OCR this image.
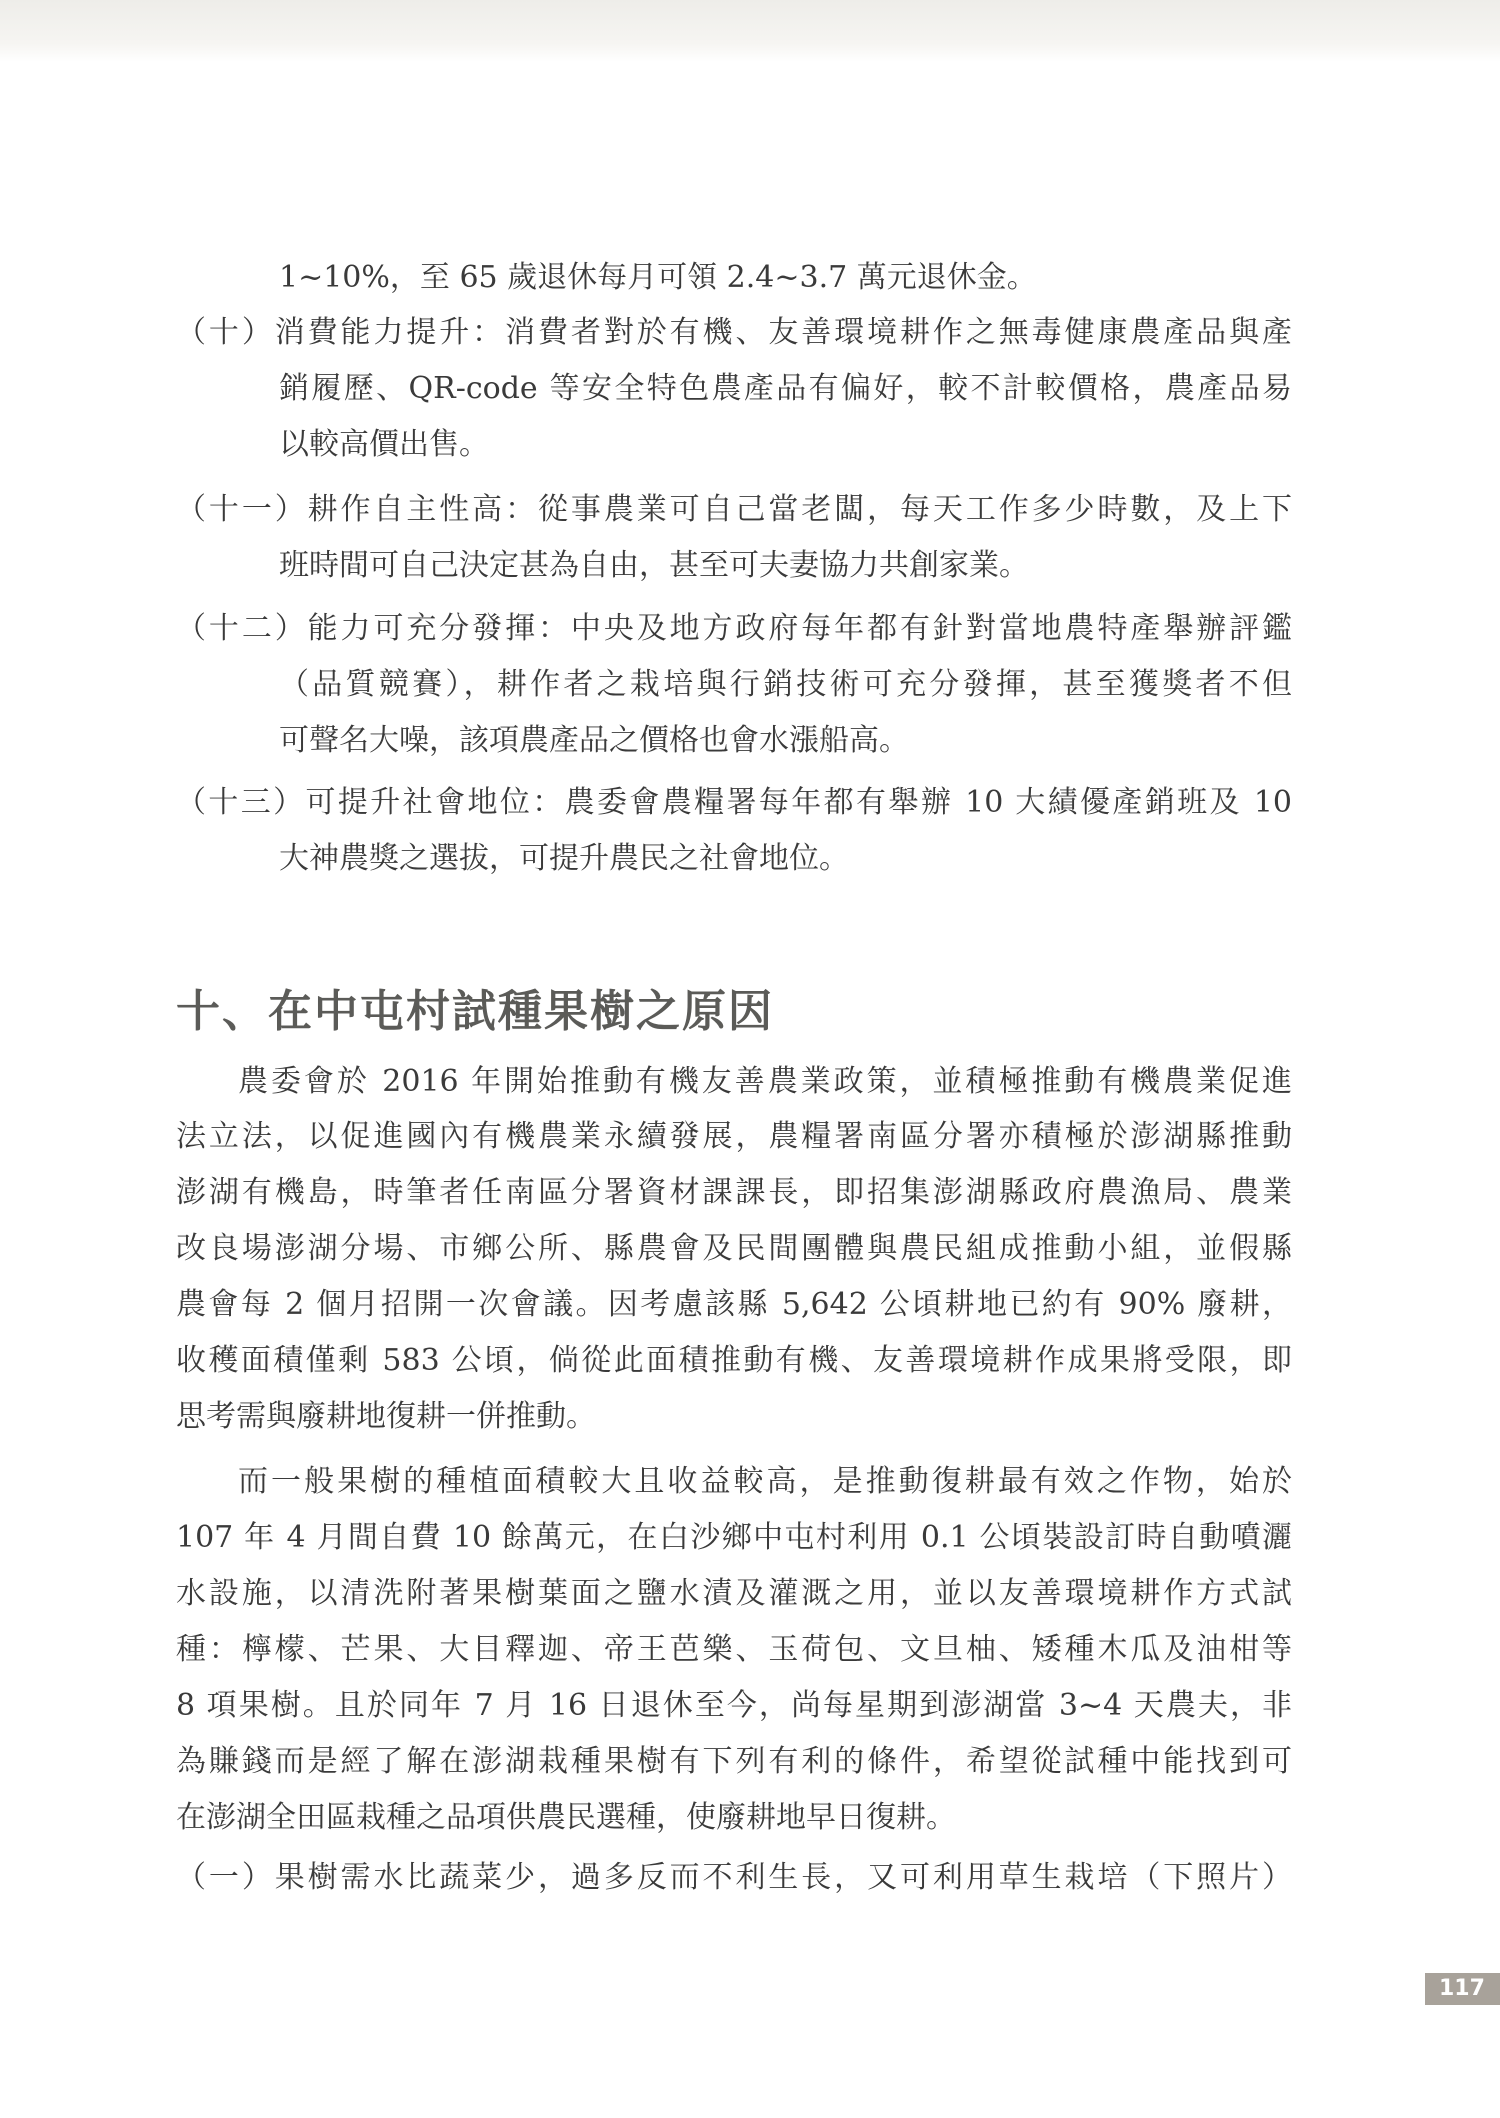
1~10%，至 65 歲退休每月可領 2.4~3.7 萬元退休金。
（十）消費能力提升：消費者對於有機、友善環境耕作之無毒健康農產品與產
銷履歷、QR-code 等安全特色農產品有偏好，較不計較價格，農產品易
以較高價出售。
（十一）耕作自主性高：從事農業可自己當老闆，每天工作多少時數，及上下
班時間可自己決定甚為自由，甚至可夫妻協力共創家業。
（十二）能力可充分發揮：中央及地方政府每年都有針對當地農特產舉辦評鑑
（品質競賽），耕作者之栽培與行銷技術可充分發揮，甚至獲獎者不但
可聲名大噪，該項農產品之價格也會水漲船高。
（十三）可提升社會地位：農委會農糧署每年都有舉辦 10 大績優產銷班及 10
大神農獎之選拔，可提升農民之社會地位。
十、在中屯村試種果樹之原因
農委會於 2016 年開始推動有機友善農業政策，並積極推動有機農業促進
法立法，以促進國內有機農業永續發展，農糧署南區分署亦積極於澎湖縣推動
澎湖有機島，時筆者任南區分署資材課課長，即招集澎湖縣政府農漁局、農業
改良場澎湖分場、市鄉公所、縣農會及民間團體與農民組成推動小組，並假縣
農會每 2 個月招開一次會議。因考慮該縣 5,642 公頃耕地已約有 90% 廢耕，
收穫面積僅剩 583 公頃，倘從此面積推動有機、友善環境耕作成果將受限，即
思考需與廢耕地復耕一併推動。
而一般果樹的種植面積較大且收益較高，是推動復耕最有效之作物，始於
107 年 4 月間自費 10 餘萬元，在白沙鄉中屯村利用 0.1 公頃裝設訂時自動噴灑
水設施，以清洗附著果樹葉面之鹽水漬及灌溉之用，並以友善環境耕作方式試
種：檸檬、芒果、大目釋迦、帝王芭樂、玉荷包、文旦柚、矮種木瓜及油柑等
8 項果樹。且於同年 7 月 16 日退休至今，尚每星期到澎湖當 3~4 天農夫，非
為賺錢而是經了解在澎湖栽種果樹有下列有利的條件，希望從試種中能找到可
在澎湖全田區栽種之品項供農民選種，使廢耕地早日復耕。
（一）果樹需水比蔬菜少，過多反而不利生長，又可利用草生栽培（下照片）
117
